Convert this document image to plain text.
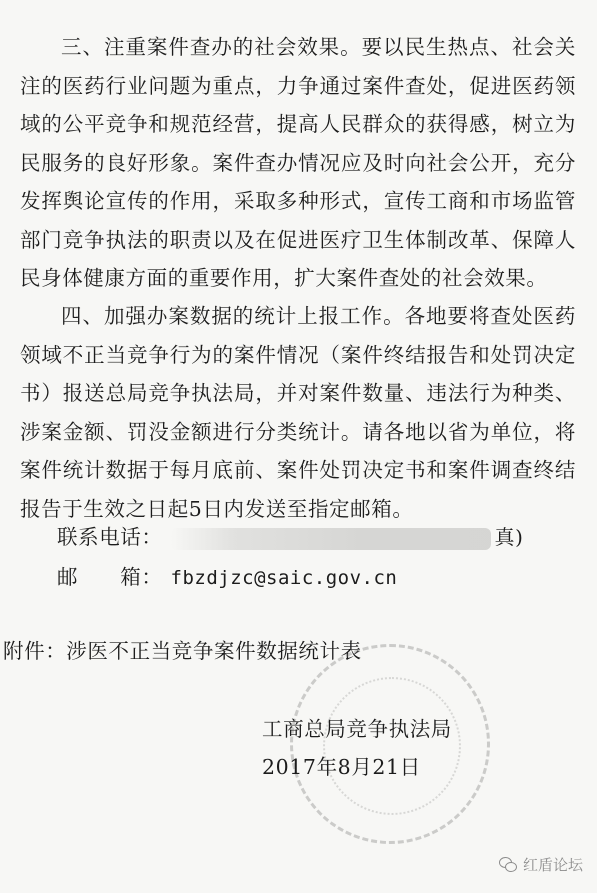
三、注重案件查办的社会效果。要以民生热点、社会关注的医药行业问题为重点，力争通过案件查处，促进医药领域的公平竞争和规范经营，提高人民群众的获得感，树立为民服务的良好形象。案件查办情况应及时向社会公开，充分发挥舆论宣传的作用，采取多种形式，宣传工商和市场监管部门竞争执法的职责以及在促进医疗卫生体制改革、保障人民身体健康方面的重要作用，扩大案件查处的社会效果。

四、加强办案数据的统计上报工作。各地要将查处医药领域不正当竞争行为的案件情况（案件终结报告和处罚决定书）报送总局竞争执法局，并对案件数量、违法行为种类、涉案金额、罚没金额进行分类统计。请各地以省为单位，将案件统计数据于每月底前、案件处罚决定书和案件调查终结报告于生效之日起5日内发送至指定邮箱。

联系电话：	真)
邮　　箱： fbzdjzc@saic.gov.cn
附件：涉医不正当竞争案件数据统计表
工商总局竞争执法局
2017年8月21日
红盾论坛
